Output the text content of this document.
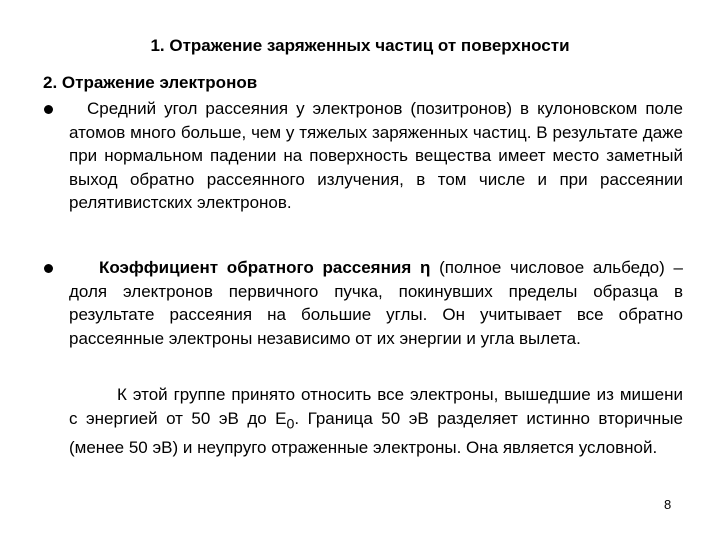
1. Отражение заряженных частиц от поверхности
2. Отражение электронов
Средний угол рассеяния у электронов (позитронов) в кулоновском поле атомов много больше, чем у тяжелых заряженных частиц. В результате даже при нормальном падении на поверхность вещества имеет место заметный выход обратно рассеянного излучения, в том числе и при рассеянии релятивистских электронов.
Коэффициент обратного рассеяния η (полное числовое альбедо) – доля электронов первичного пучка, покинувших пределы образца в результате рассеяния на большие углы. Он учитывает все обратно рассеянные электроны независимо от их энергии и угла вылета.
К этой группе принято относить все электроны, вышедшие из мишени с энергией от 50 эВ до $Е_0$. Граница 50 эВ разделяет истинно вторичные (менее 50 эВ) и неупруго отраженные электроны. Она является условной.
8
